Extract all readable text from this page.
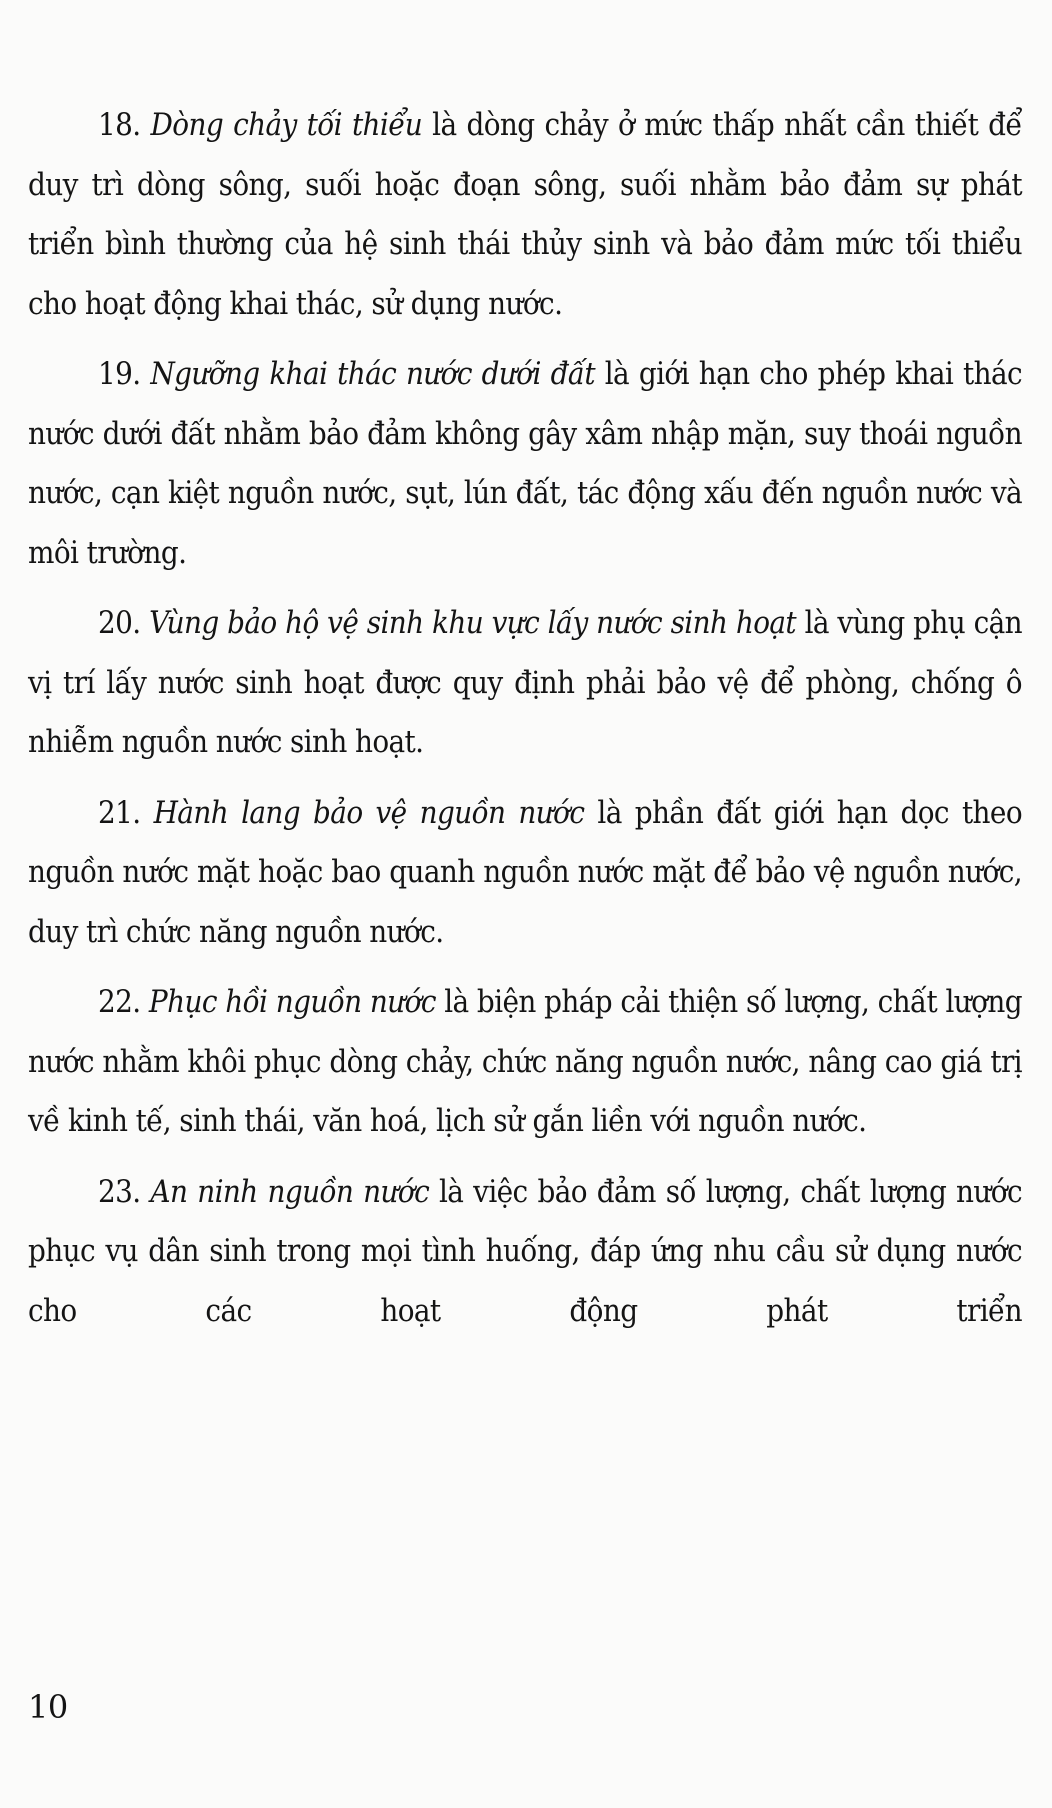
18. Dòng chảy tối thiểu là dòng chảy ở mức thấp nhất cần thiết để duy trì dòng sông, suối hoặc đoạn sông, suối nhằm bảo đảm sự phát triển bình thường của hệ sinh thái thủy sinh và bảo đảm mức tối thiểu cho hoạt động khai thác, sử dụng nước.

19. Ngưỡng khai thác nước dưới đất là giới hạn cho phép khai thác nước dưới đất nhằm bảo đảm không gây xâm nhập mặn, suy thoái nguồn nước, cạn kiệt nguồn nước, sụt, lún đất, tác động xấu đến nguồn nước và môi trường.

20. Vùng bảo hộ vệ sinh khu vực lấy nước sinh hoạt là vùng phụ cận vị trí lấy nước sinh hoạt được quy định phải bảo vệ để phòng, chống ô nhiễm nguồn nước sinh hoạt.

21. Hành lang bảo vệ nguồn nước là phần đất giới hạn dọc theo nguồn nước mặt hoặc bao quanh nguồn nước mặt để bảo vệ nguồn nước, duy trì chức năng nguồn nước.

22. Phục hồi nguồn nước là biện pháp cải thiện số lượng, chất lượng nước nhằm khôi phục dòng chảy, chức năng nguồn nước, nâng cao giá trị về kinh tế, sinh thái, văn hoá, lịch sử gắn liền với nguồn nước.

23. An ninh nguồn nước là việc bảo đảm số lượng, chất lượng nước phục vụ dân sinh trong mọi tình huống, đáp ứng nhu cầu sử dụng nước cho các hoạt động phát triển

10
